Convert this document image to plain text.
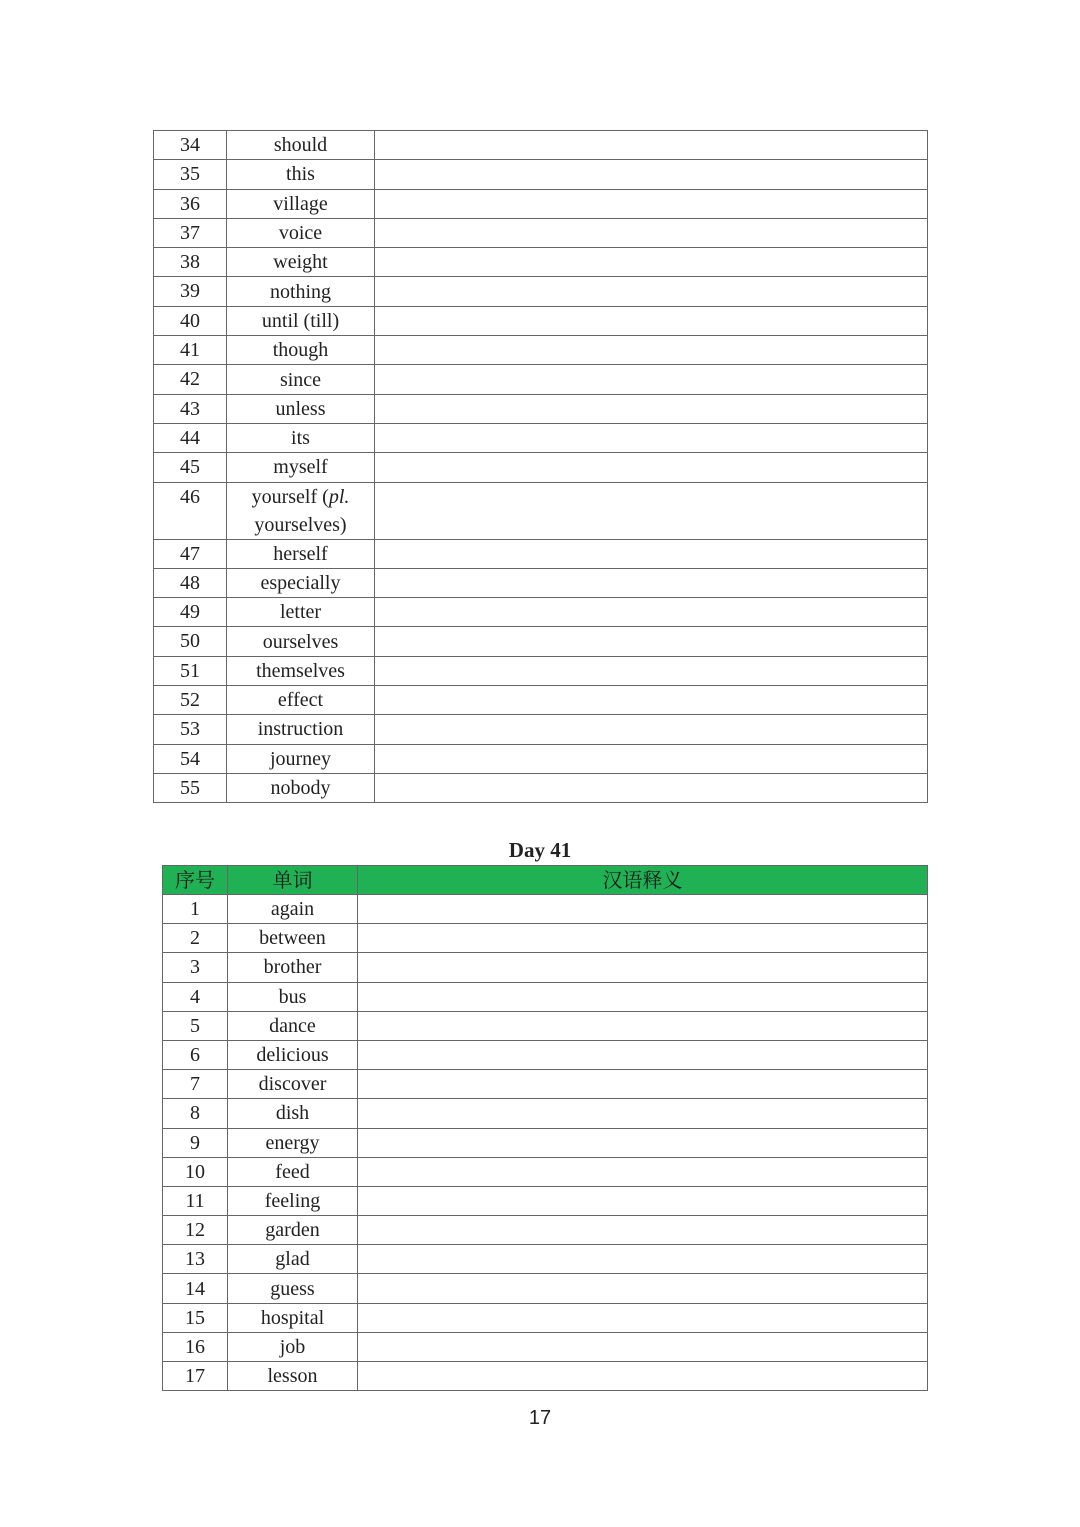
34	should	
35	this	
36	village	
37	voice	
38	weight	
39	nothing	
40	until (till)	
41	though	
42	since	
43	unless	
44	its	
45	myself	
46	yourself (pl.
yourselves)	
47	herself	
48	especially	
49	letter	
50	ourselves	
51	themselves	
52	effect	
53	instruction	
54	journey	
55	nobody	
Day 41
序号	单词	汉语释义
1	again	
2	between	
3	brother	
4	bus	
5	dance	
6	delicious	
7	discover	
8	dish	
9	energy	
10	feed	
11	feeling	
12	garden	
13	glad	
14	guess	
15	hospital	
16	job	
17	lesson	
17
